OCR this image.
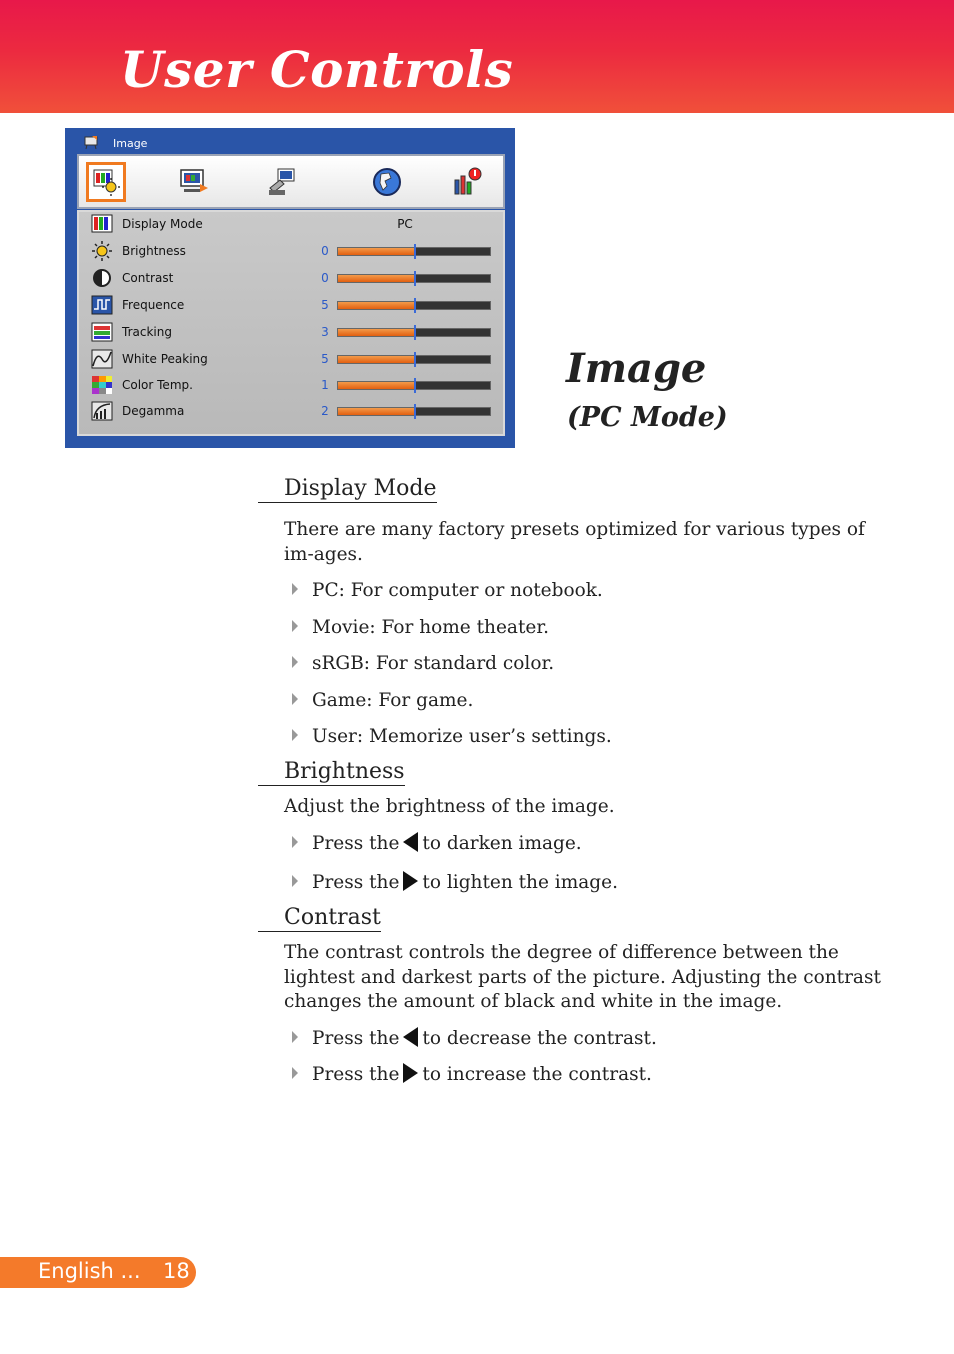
User Controls
Image
Display Mode	PC
Brightness	0
Contrast	0
Frequence	5
Tracking	3
White Peaking	5
Color Temp.	1
Degamma	2
Image
(PC Mode)
Display Mode
There are many factory presets optimized for various types of im-ages.
PC: For computer or notebook.
Movie: For home theater.
sRGB: For standard color.
Game: For game.
User: Memorize user’s settings.
Brightness
Adjust the brightness of the image.
Press the to darken image.
Press the to lighten the image.
Contrast
The contrast controls the degree of difference between the lightest and darkest parts of the picture. Adjusting the contrast changes the amount of black and white in the image.
Press the to decrease the contrast.
Press the to increase the contrast.
English ... 18
